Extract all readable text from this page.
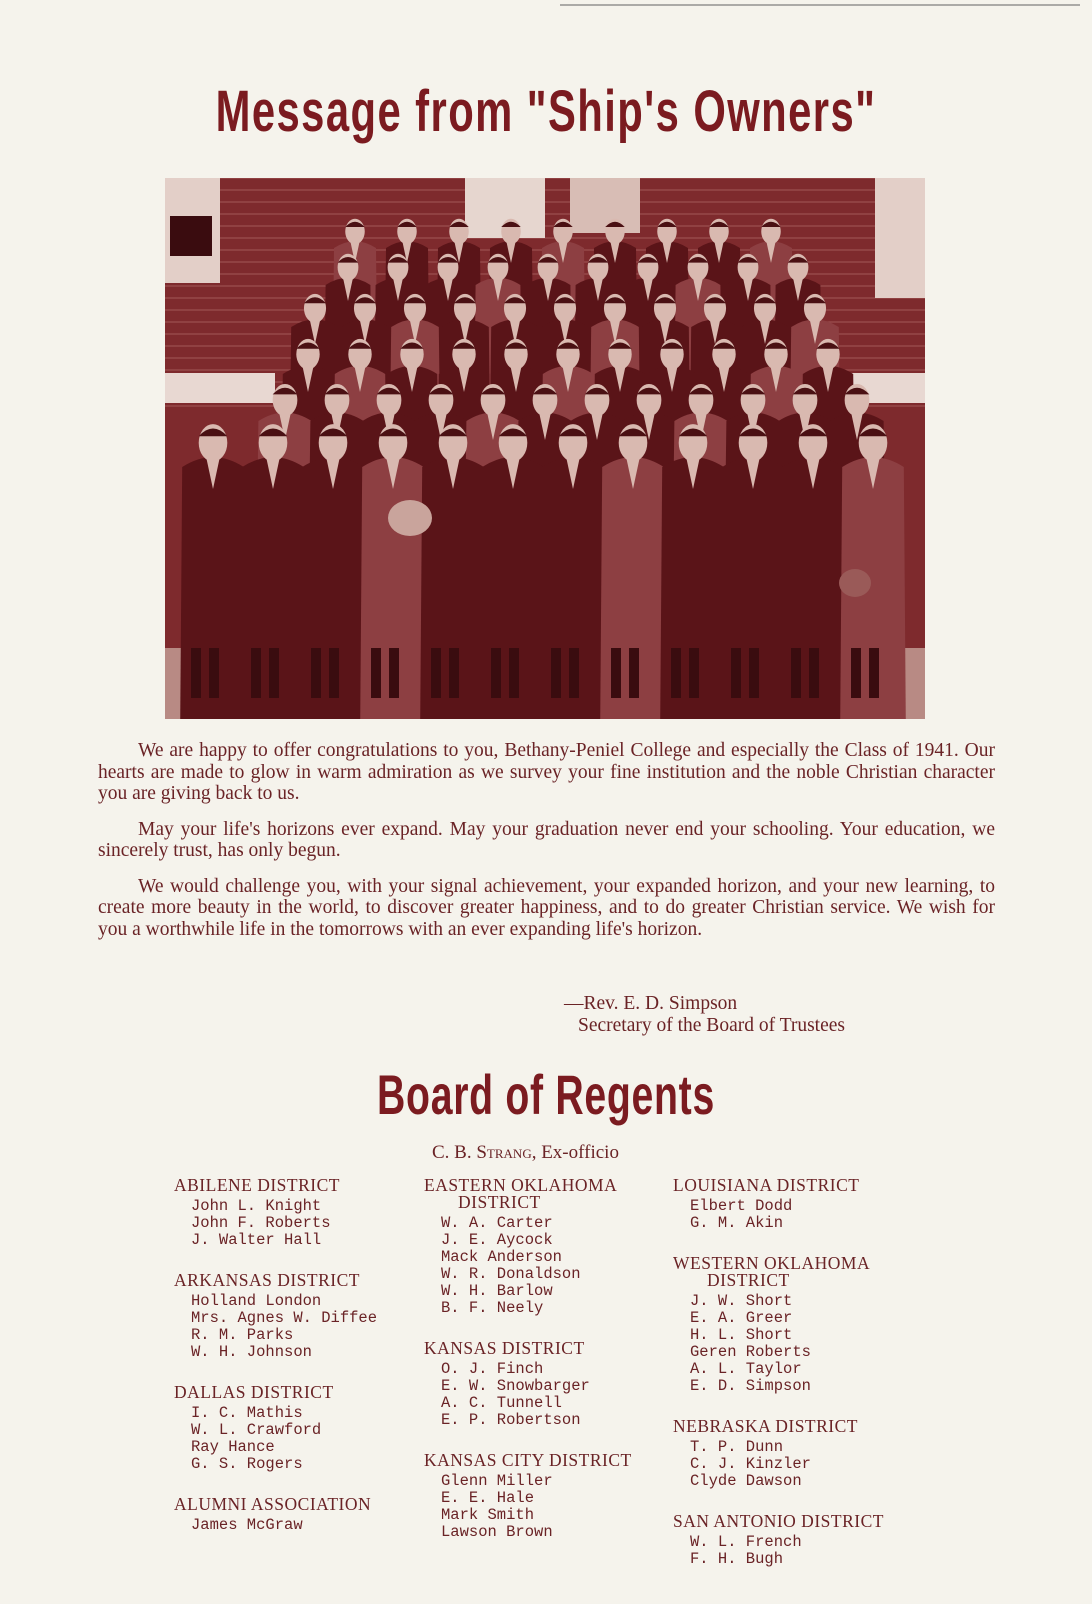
Message from "Ship's Owners"

We are happy to offer congratulations to you, Bethany-Peniel College and especially the Class of 1941. Our hearts are made to glow in warm admiration as we survey your fine institution and the noble Christian character you are giving back to us.

May your life's horizons ever expand. May your graduation never end your schooling. Your education, we sincerely trust, has only begun.

We would challenge you, with your signal achievement, your expanded horizon, and your new learning, to create more beauty in the world, to discover greater happiness, and to do greater Christian service. We wish for you a worthwhile life in the tomorrows with an ever expanding life's horizon.

—Rev. E. D. Simpson
Secretary of the Board of Trustees
Board of Regents
C. B. Strang, Ex-officio
ABILENE DISTRICT
John L. Knight
John F. Roberts
J. Walter Hall
ARKANSAS DISTRICT
Holland London
Mrs. Agnes W. Diffee
R. M. Parks
W. H. Johnson
DALLAS DISTRICT
I. C. Mathis
W. L. Crawford
Ray Hance
G. S. Rogers
ALUMNI ASSOCIATION
James McGraw
EASTERN OKLAHOMA
DISTRICT
W. A. Carter
J. E. Aycock
Mack Anderson
W. R. Donaldson
W. H. Barlow
B. F. Neely
KANSAS DISTRICT
O. J. Finch
E. W. Snowbarger
A. C. Tunnell
E. P. Robertson
KANSAS CITY DISTRICT
Glenn Miller
E. E. Hale
Mark Smith
Lawson Brown
LOUISIANA DISTRICT
Elbert Dodd
G. M. Akin
WESTERN OKLAHOMA
DISTRICT
J. W. Short
E. A. Greer
H. L. Short
Geren Roberts
A. L. Taylor
E. D. Simpson
NEBRASKA DISTRICT
T. P. Dunn
C. J. Kinzler
Clyde Dawson
SAN ANTONIO DISTRICT
W. L. French
F. H. Bugh
